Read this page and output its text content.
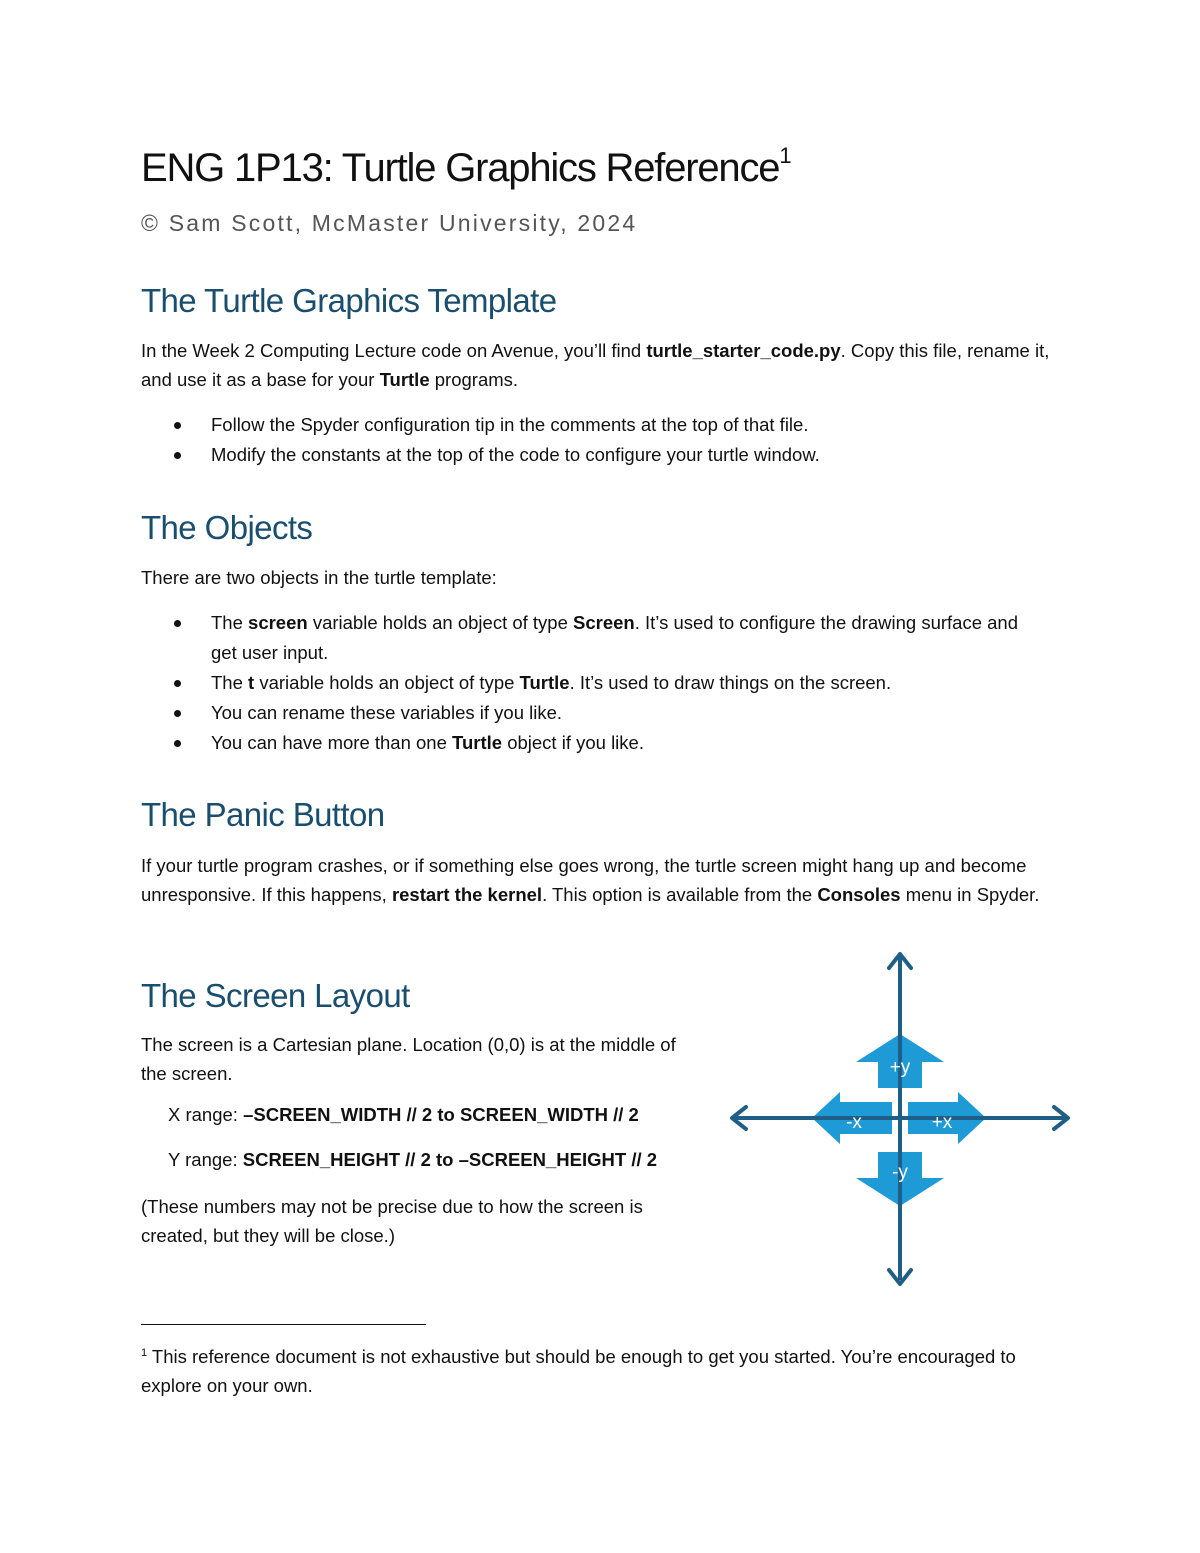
ENG 1P13: Turtle Graphics Reference$^1$
© Sam Scott, McMaster University, 2024
The Turtle Graphics Template
In the Week 2 Computing Lecture code on Avenue, you’ll find turtle_starter_code.py. Copy this file, rename it, and use it as a base for your Turtle programs.
Follow the Spyder configuration tip in the comments at the top of that file.
Modify the constants at the top of the code to configure your turtle window.
The Objects
There are two objects in the turtle template:
The screen variable holds an object of type Screen. It’s used to configure the drawing surface and get user input.
The t variable holds an object of type Turtle. It’s used to draw things on the screen.
You can rename these variables if you like.
You can have more than one Turtle object if you like.
The Panic Button
If your turtle program crashes, or if something else goes wrong, the turtle screen might hang up and become unresponsive. If this happens, restart the kernel. This option is available from the Consoles menu in Spyder.
The Screen Layout
The screen is a Cartesian plane. Location (0,0) is at the middle of the screen.
X range: –SCREEN_WIDTH // 2 to SCREEN_WIDTH // 2
Y range: SCREEN_HEIGHT // 2 to –SCREEN_HEIGHT // 2
(These numbers may not be precise due to how the screen is created, but they will be close.)
+y
-y
-x	+x
$^1$ This reference document is not exhaustive but should be enough to get you started. You’re encouraged to explore on your own.
